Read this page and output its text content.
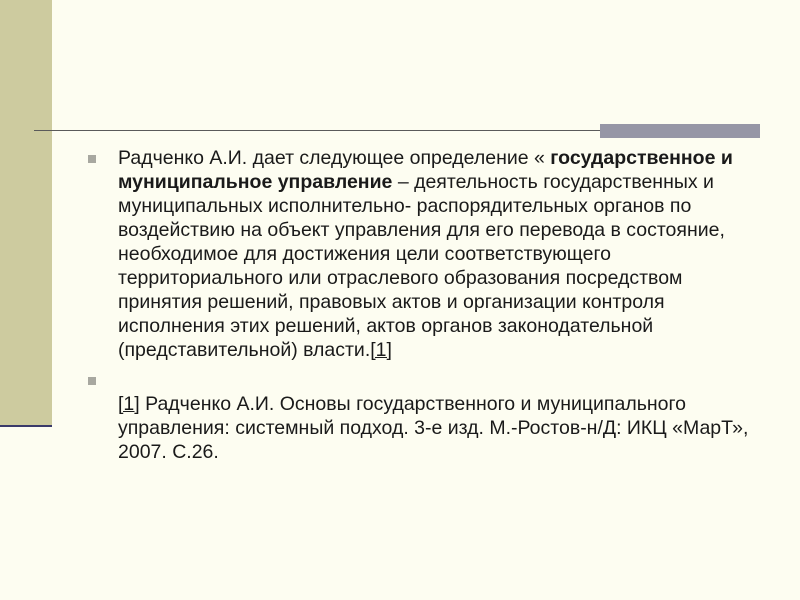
Радченко А.И. дает следующее определение « государственное и муниципальное управление – деятельность государственных и муниципальных исполнительно- распорядительных органов по воздействию на объект управления для его перевода в состояние, необходимое для достижения цели соответствующего территориального или отраслевого образования посредством принятия решений, правовых актов и организации контроля исполнения этих решений, актов органов законодательной (представительной) власти.[1]
[1] Радченко А.И. Основы государственного и муниципального управления: системный подход. 3-е изд. М.-Ростов-н/Д: ИКЦ «МарТ», 2007. С.26.
